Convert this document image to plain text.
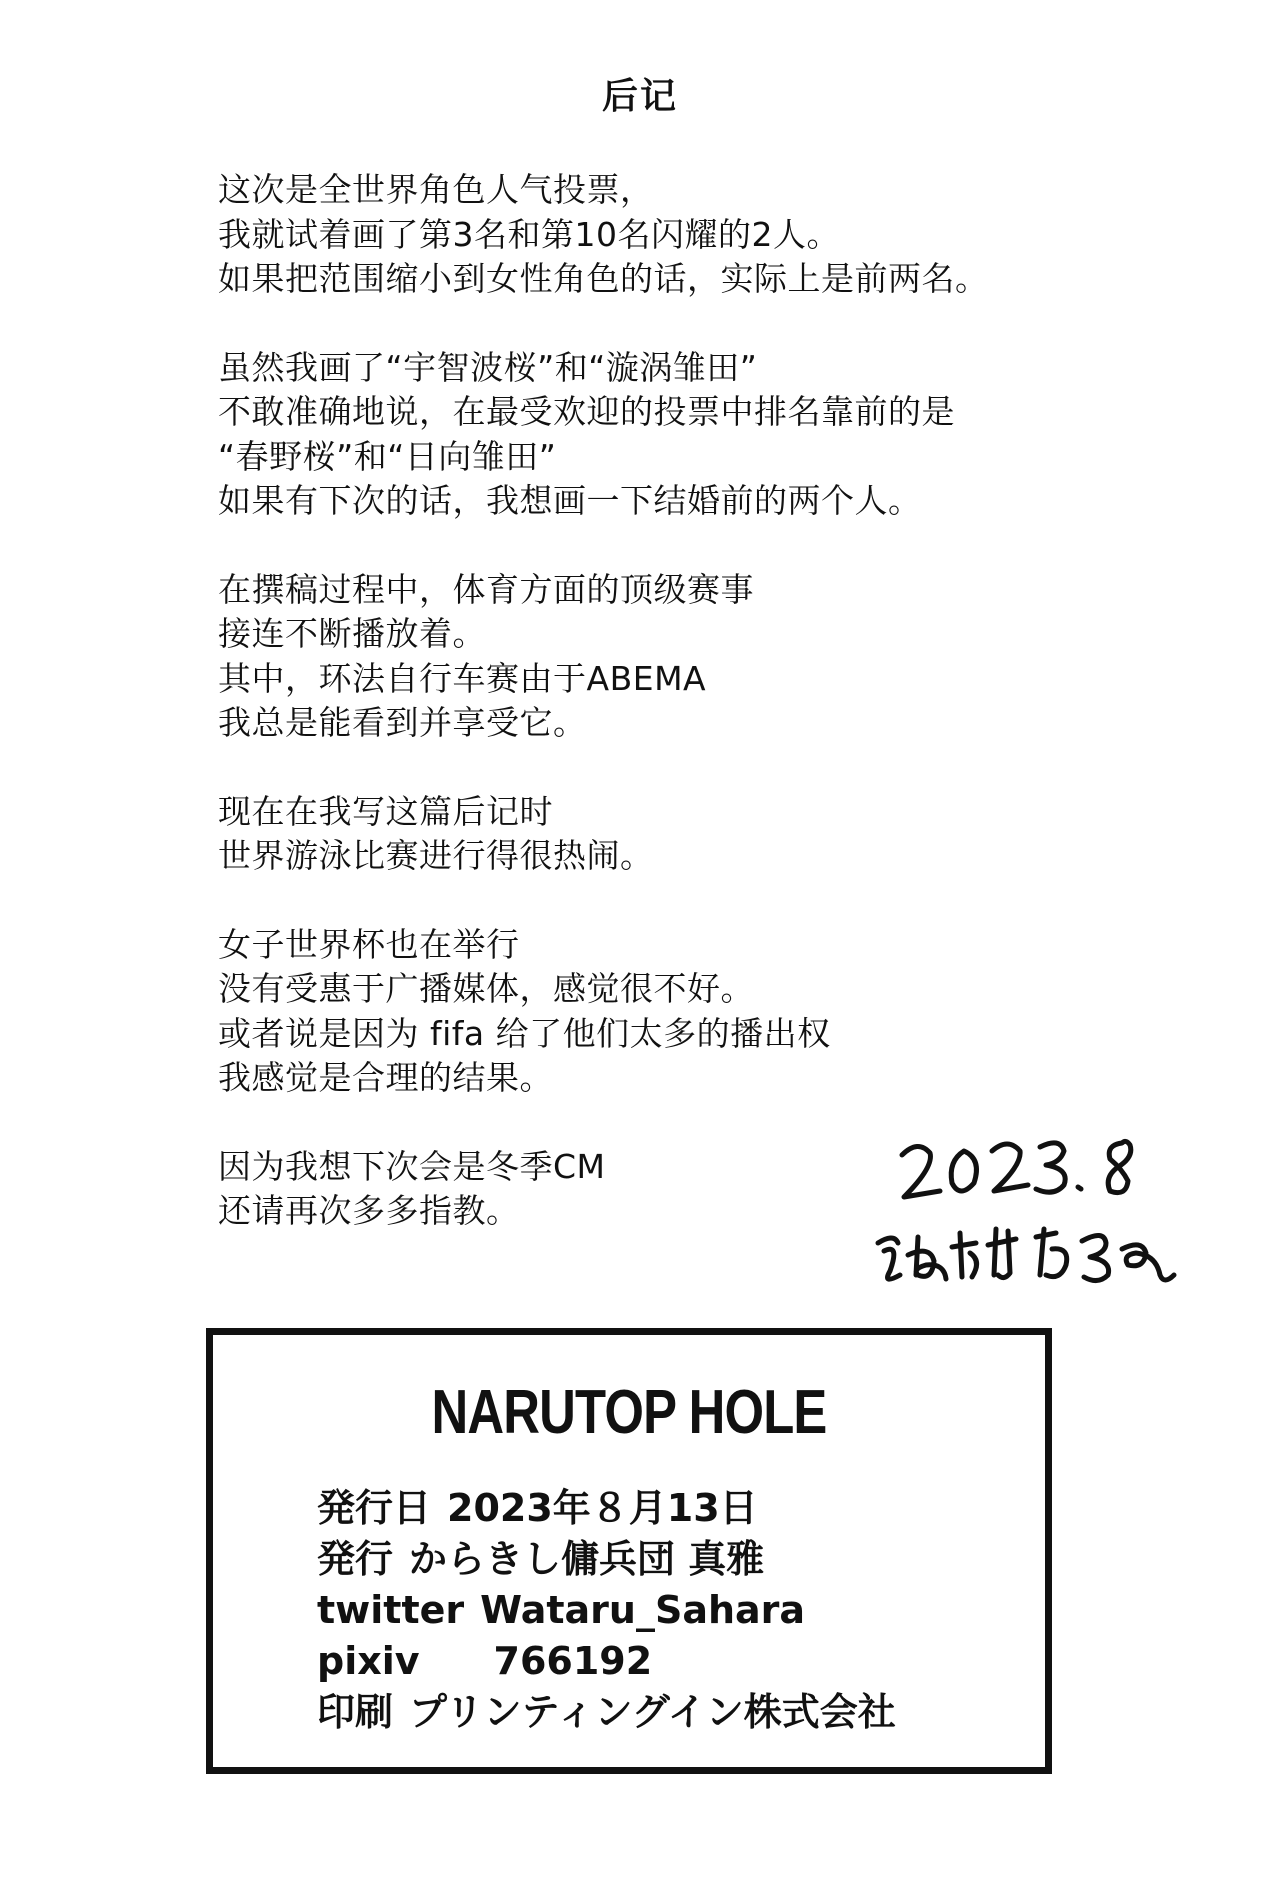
后记
这次是全世界角色人气投票，
我就试着画了第3名和第10名闪耀的2人。
如果把范围缩小到女性角色的话，实际上是前两名。
虽然我画了“宇智波桜”和“漩涡雏田”
不敢准确地说，在最受欢迎的投票中排名靠前的是
“春野桜”和“日向雏田”
如果有下次的话，我想画一下结婚前的两个人。
在撰稿过程中，体育方面的顶级赛事
接连不断播放着。
其中，环法自行车赛由于ABEMA
我总是能看到并享受它。
现在在我写这篇后记时
世界游泳比赛进行得很热闹。
女子世界杯也在举行
没有受惠于广播媒体，感觉很不好。
或者说是因为 fifa 给了他们太多的播出权
我感觉是合理的结果。
因为我想下次会是冬季CM
还请再次多多指教。
NARUTOP HOLE
発行日 2023年８月13日
発行 からきし傭兵団 真雅
twitter Wataru_Sahara
pixiv 766192
印刷 プリンティングイン株式会社
